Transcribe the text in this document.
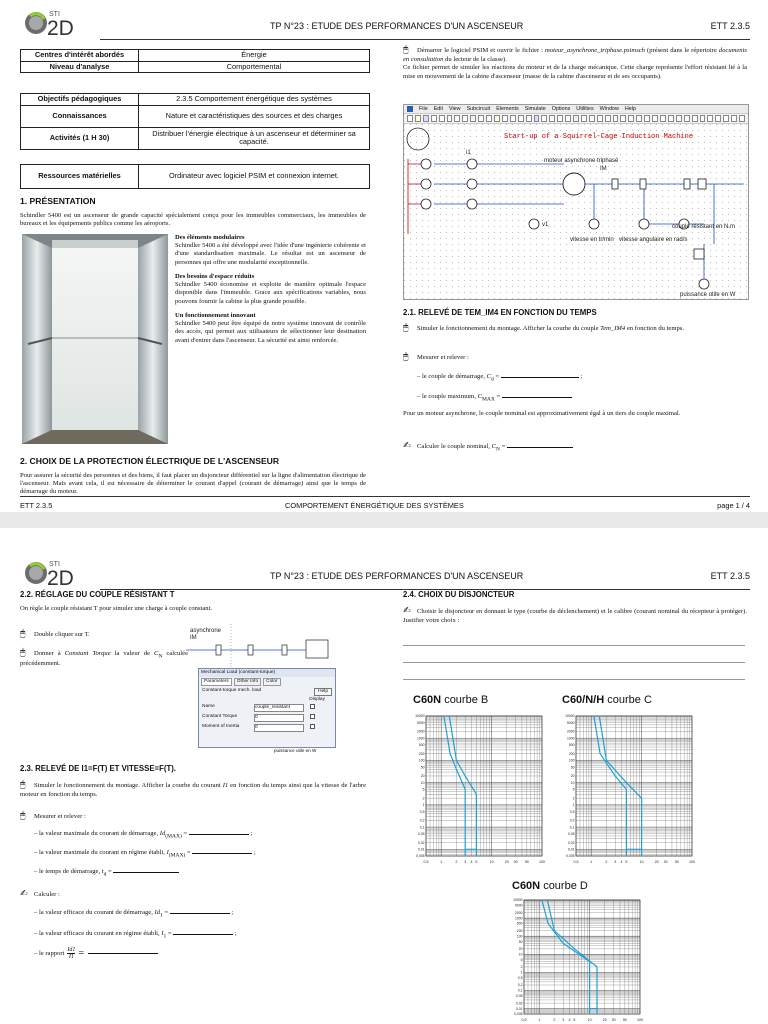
STI
2D	TP N°23 : ETUDE DES PERFORMANCES D'UN ASCENSEUR	ETT 2.3.5
Centres d'intérêt abordés	Énergie
Niveau d'analyse	Comportemental
Objectifs pédagogiques	2.3.5 Comportement énergétique des systèmes
Connaissances	Nature et caractéristiques des sources et des charges
Activités (1 H 30)	Distribuer l'énergie électrique à un ascenseur et déterminer sa capacité.
Ressources matérielles	Ordinateur avec logiciel PSIM et connexion internet.
1. PRÉSENTATION
Schindler 5400 est un ascenseur de grande capacité spécialement conçu pour les immeubles commerciaux, les immeubles de bureaux et les équipements publics comme les aéroports.

Des éléments modulaires

Schindler 5400 a été développé avec l'idée d'une ingénierie cohérente et d'une standardisation maximale. Le résultat est un ascenseur de personnes qui offre une modularité exceptionnelle.

Des besoins d'espace réduits

Schindler 5400 économise et exploite de manière optimale l'espace disponible dans l'immeuble. Grace aux spécifications variables, nous pouvons fournir la cabine la plus grande possible.

Un fonctionnement innovant

Schindler 5400 peut être équipé de notre système innovant de contrôle des accès, qui permet aux utilisateurs de sélectionner leur destination avant d'entrer dans l'ascenseur. La sécurité est ainsi renforcée.

2. CHOIX DE LA PROTECTION ÉLECTRIQUE DE L'ASCENSEUR
Pour assurer la sécurité des personnes et des biens, il faut placer un disjoncteur différentiel sur la ligne d'alimentation électrique de l'ascenseur. Mais avant cela, il est nécessaire de déterminer le courant d'appel (courant de démarrage) ainsi que le temps de démarrage du moteur.
🖱 Démarrer le logiciel PSIM et ouvrir le fichier : moteur_asynchrone_triphase.psimsch (présent dans le répertoire documents en consultation du lecteur de la classe).
Ce fichier permet de simuler les réactions du moteur et de la charge mécanique. Cette charge représente l'effort résistant lié à la mise en mouvement de la cabine d'ascenseur (masse de la cabine d'ascenseur et de ses occupants).
File Edit View Subcircuit Elements Simulate Options Utilities Window Help
Start-up of a Squirrel-Cage Induction Machine
i1
moteur asynchrone triphasé
IM
v1
vitesse en tr/min vitesse angulaire en rad/s
couple résistant en N.m
puissance utile en W
2.1. RELEVÉ DE TEM_IM4 EN FONCTION DU TEMPS
🖱 Simuler le fonctionnement du montage. Afficher la courbe du couple Tem_IM4 en fonction du temps.
🖱 Mesurer et relever :
– le couple de démarrage, $C_d$ =	;
– le couple maximum, $C_{MAX}$ =
Pour un moteur asynchrone, le couple nominal est approximativement égal à un tiers du couple maximal.
✍ Calculer le couple nominal, $C_N$ =
ETT 2.3.5	COMPORTEMENT ÉNERGÉTIQUE DES SYSTÈMES	page 1 / 4
STI
2D	TP N°23 : ETUDE DES PERFORMANCES D'UN ASCENSEUR	ETT 2.3.5
2.2. RÉGLAGE DU COUPLE RÉSISTANT T
On règle le couple résistant T pour simuler une charge à couple constant.
🖱 Double cliquer sur T.
🖱 Donner à Constant Torque la valeur de $C_N$ calculée précédemment.
asynchrone
IM
Mechanical Load (constant-torque)
Parameters	Other Info	Color
Constant-torque mech. load	Help
Display
Name	couple_resistant
Constant Torque	0
Moment of Inertia	0
puissance utile en W
2.3. RELEVÉ DE I1=F(T) ET VITESSE=F(T).
🖱 Simuler le fonctionnement du montage. Afficher la courbe du courant I1 en fonction du temps ainsi que la vitesse de l'arbre moteur en fonction du temps.
🖱 Mesurer et relever :
– la valeur maximale du courant de démarrage, $Id_{(MAX)}$ =	;
– la valeur maximale du courant en régime établi, $I_{(MAX)}$ =	;
– le temps de démarrage, $t_d$ =
✍ Calculer :
– la valeur efficace du courant de démarrage, $Id_1$ =	;
– la valeur efficace du courant en régime établi, $I_1$ =	;
– le rapport $\frac{Id1}{I1}$ =
2.4. CHOIX DU DISJONCTEUR
✍ Choisir le disjoncteur en donnant le type (courbe de déclenchement) et le calibre (courant nominal du récepteur à protéger). Justifier votre choix :
C60N courbe B	C60/N/H courbe C
C60N courbe D
0,5	1	2 3 4 5	10	20 30 50	100
10000
5000
2000
1000
500
200
100
50
20
10
5
2
1
0,5
0,2
0,1
0,05
0,02
0,01
0,005
0,5	1	2 3 4 5	10	20 30 50	100
10000
5000
2000
1000
500
200
100
50
20
10
5
2
1
0,5
0,2
0,1
0,05
0,02
0,01
0,005
0,5	1	2 3 4 5	10	20 30 50	100
10000
5000
2000
1000
500
200
100
50
20
10
5
2
1
0,5
0,2
0,1
0,05
0,02
0,01
0,005
